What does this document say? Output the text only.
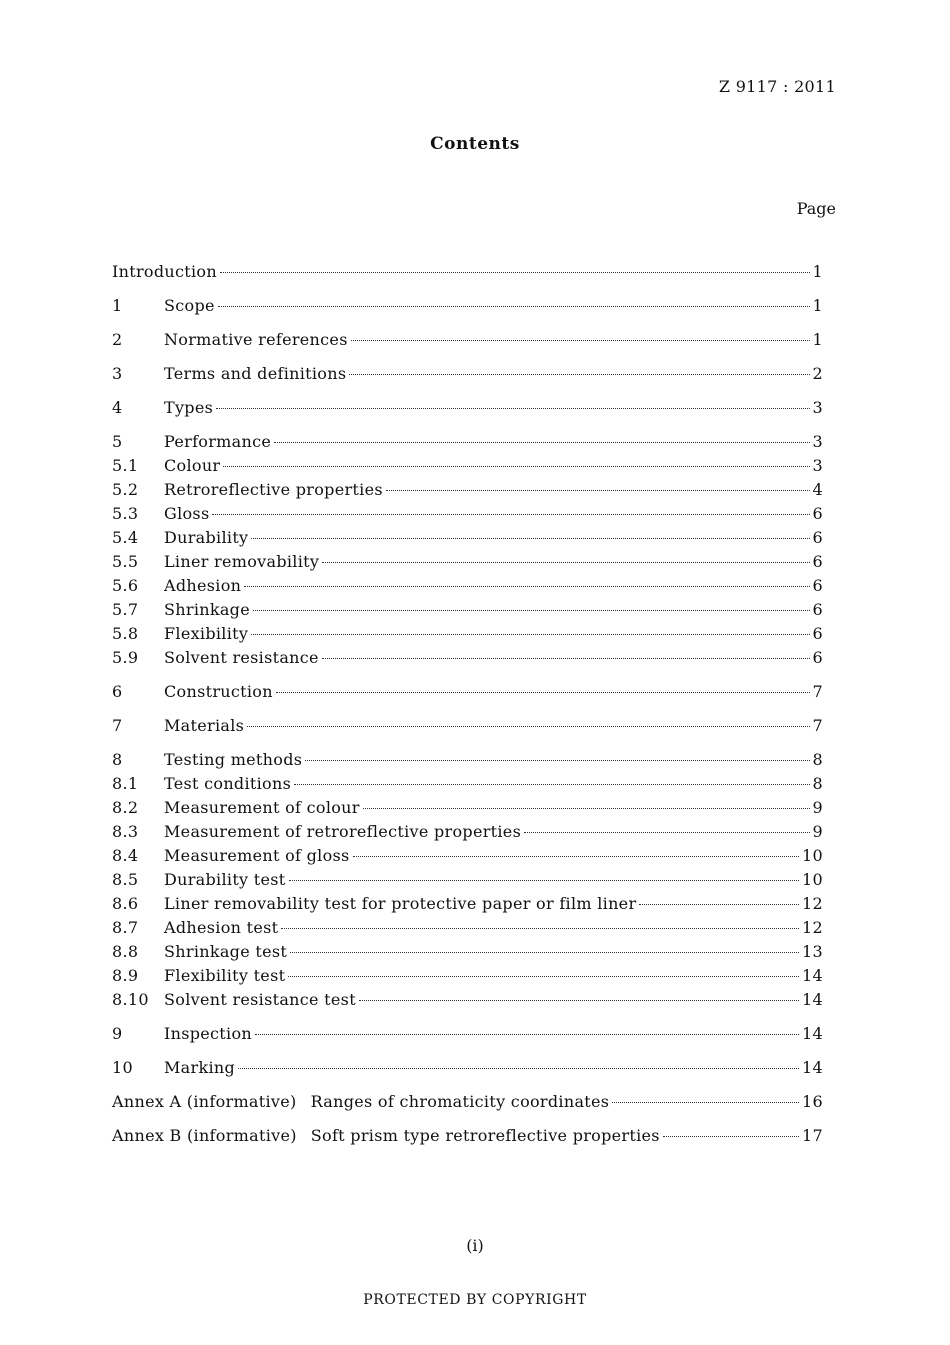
Z 9117 : 2011
Contents
Page
Introduction	1
1	Scope	1
2	Normative references	1
3	Terms and definitions	2
4	Types	3
5	Performance	3
5.1	Colour	3
5.2	Retroreflective properties	4
5.3	Gloss	6
5.4	Durability	6
5.5	Liner removability	6
5.6	Adhesion	6
5.7	Shrinkage	6
5.8	Flexibility	6
5.9	Solvent resistance	6
6	Construction	7
7	Materials	7
8	Testing methods	8
8.1	Test conditions	8
8.2	Measurement of colour	9
8.3	Measurement of retroreflective properties	9
8.4	Measurement of gloss	10
8.5	Durability test	10
8.6	Liner removability test for protective paper or film liner	12
8.7	Adhesion test	12
8.8	Shrinkage test	13
8.9	Flexibility test	14
8.10 Solvent resistance test	14
9	Inspection	14
10	Marking	14
Annex A (informative) Ranges of chromaticity coordinates	16
Annex B (informative) Soft prism type retroreflective properties	17
(i)
PROTECTED BY COPYRIGHT
